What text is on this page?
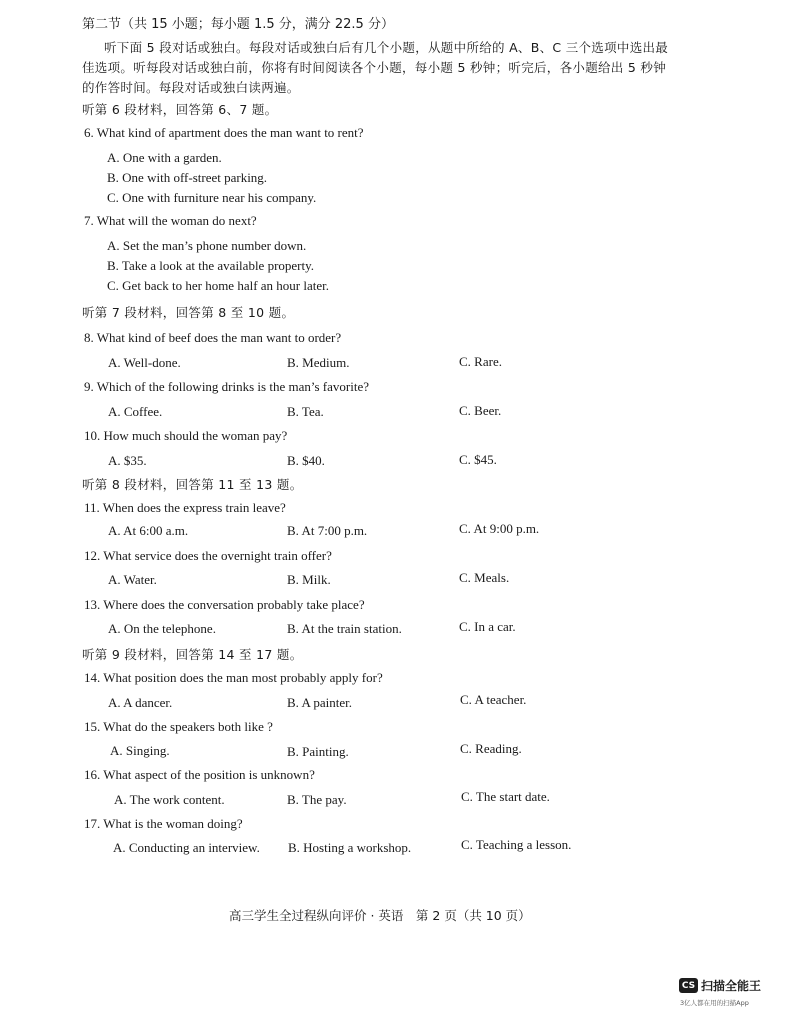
第二节（共 15 小题；每小题 1.5 分，满分 22.5 分）
听下面 5 段对话或独白。每段对话或独白后有几个小题，从题中所给的 A、B、C 三个选项中选出最
佳选项。听每段对话或独白前，你将有时间阅读各个小题，每小题 5 秒钟；听完后，各小题给出 5 秒钟
的作答时间。每段对话或独白读两遍。
听第 6 段材料，回答第 6、7 题。
6. What kind of apartment does the man want to rent?
A. One with a garden.
B. One with off-street parking.
C. One with furniture near his company.
7. What will the woman do next?
A. Set the man’s phone number down.
B. Take a look at the available property.
C. Get back to her home half an hour later.
听第 7 段材料，回答第 8 至 10 题。
8. What kind of beef does the man want to order?
A. Well-done.	B. Medium.	C. Rare.
9. Which of the following drinks is the man’s favorite?
A. Coffee.	B. Tea.	C. Beer.
10. How much should the woman pay?
A. $35.	B. $40.	C. $45.
听第 8 段材料，回答第 11 至 13 题。
11. When does the express train leave?
A. At 6:00 a.m.	B. At 7:00 p.m.	C. At 9:00 p.m.
12. What service does the overnight train offer?
A. Water.	B. Milk.	C. Meals.
13. Where does the conversation probably take place?
A. On the telephone.	B. At the train station.	C. In a car.
听第 9 段材料，回答第 14 至 17 题。
14. What position does the man most probably apply for?
A. A dancer.	B. A painter.	C. A teacher.
15. What do the speakers both like ?
A. Singing.	B. Painting.	C. Reading.
16. What aspect of the position is unknown?
A. The work content.	B. The pay.	C. The start date.
17. What is the woman doing?
A. Conducting an interview. B. Hosting a workshop.	C. Teaching a lesson.
高三学生全过程纵向评价 · 英语　第 2 页（共 10 页）
CS 扫描全能王
3亿人都在用的扫描App
